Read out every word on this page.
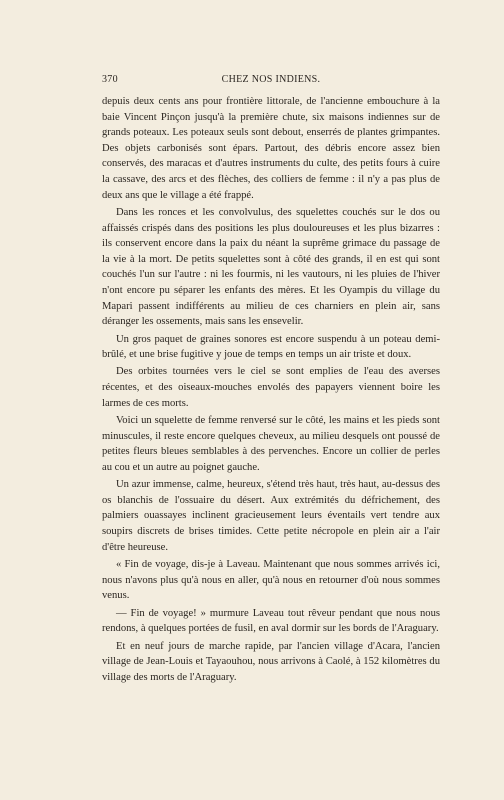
370	CHEZ NOS INDIENS.

depuis deux cents ans pour frontière littorale, de l'ancienne embouchure à la baie Vincent Pinçon jusqu'à la première chute, six maisons indiennes sur de grands poteaux. Les poteaux seuls sont debout, enserrés de plantes grimpantes. Des objets carbonisés sont épars. Partout, des débris encore assez bien conservés, des maracas et d'autres instruments du culte, des petits fours à cuire la cassave, des arcs et des flèches, des colliers de femme : il n'y a pas plus de deux ans que le village a été frappé.

Dans les ronces et les convolvulus, des squelettes couchés sur le dos ou affaissés crispés dans des positions les plus douloureuses et les plus bizarres : ils conservent encore dans la paix du néant la suprême grimace du passage de la vie à la mort. De petits squelettes sont à côté des grands, il en est qui sont couchés l'un sur l'autre : ni les fourmis, ni les vautours, ni les pluies de l'hiver n'ont encore pu séparer les enfants des mères. Et les Oyampis du village du Mapari passent indifférents au milieu de ces charniers en plein air, sans déranger les ossements, mais sans les ensevelir.

Un gros paquet de graines sonores est encore suspendu à un poteau demi-brûlé, et une brise fugitive y joue de temps en temps un air triste et doux.

Des orbites tournées vers le ciel se sont emplies de l'eau des averses récentes, et des oiseaux-mouches envolés des papayers viennent boire les larmes de ces morts.

Voici un squelette de femme renversé sur le côté, les mains et les pieds sont minuscules, il reste encore quelques cheveux, au milieu desquels ont poussé de petites fleurs bleues semblables à des pervenches. Encore un collier de perles au cou et un autre au poignet gauche.

Un azur immense, calme, heureux, s'étend très haut, très haut, au-dessus des os blanchis de l'ossuaire du désert. Aux extrémités du défrichement, des palmiers ouassayes inclinent gracieusement leurs éventails vert tendre aux soupirs discrets de brises timides. Cette petite nécropole en plein air a l'air d'être heureuse.

« Fin de voyage, dis-je à Laveau. Maintenant que nous sommes arrivés ici, nous n'avons plus qu'à nous en aller, qu'à nous en retourner d'où nous sommes venus.

— Fin de voyage! » murmure Laveau tout rêveur pendant que nous nous rendons, à quelques portées de fusil, en aval dormir sur les bords de l'Araguary.

Et en neuf jours de marche rapide, par l'ancien village d'Acara, l'ancien village de Jean-Louis et Tayaouhou, nous arrivons à Caolé, à 152 kilomètres du village des morts de l'Araguary.
